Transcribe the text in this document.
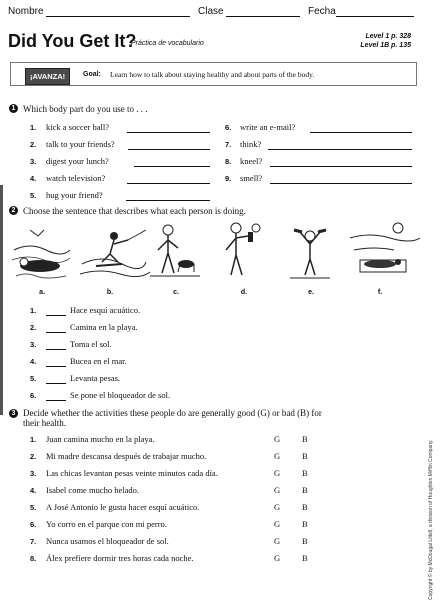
Nombre	Clase	Fecha
Did You Get It?
Práctica de vocabulario
Level 1 p. 328
Level 1B p. 135
¡AVANZA!	Goal: Learn how to talk about staying healthy and about parts of the body.
1 Which body part do you use to . . .
1. kick a soccer ball?
2. talk to your friends?
3. digest your lunch?
4. watch television?
5. hug your friend?
6. write an e-mail?
7. think?
8. kneel?
9. smell?
2 Choose the sentence that describes what each person is doing.
a.	b.	c.	d.	e.	f.
1.	Hace esquí acuático.
2.	Camina en la playa.
3.	Toma el sol.
4.	Bucea en el mar.
5.	Levanta pesas.
6.	Se pone el bloqueador de sol.
Copyright © by McDougal Littell, a division of Houghton Mifflin Company.
3 Decide whether the activities these people do are generally good (G) or bad (B) for
their health.
1. Juan camina mucho en la playa.	G	B
2. Mi madre descansa después de trabajar mucho.	G	B
3. Las chicas levantan pesas veinte minutos cada día.	G	B
4. Isabel come mucho helado.	G	B
5. A José Antonio le gusta hacer esquí acuático.	G	B
6. Yo corro en el parque con mi perro.	G	B
7. Nunca usamos el bloqueador de sol.	G	B
8. Álex prefiere dormir tres horas cada noche.	G	B
